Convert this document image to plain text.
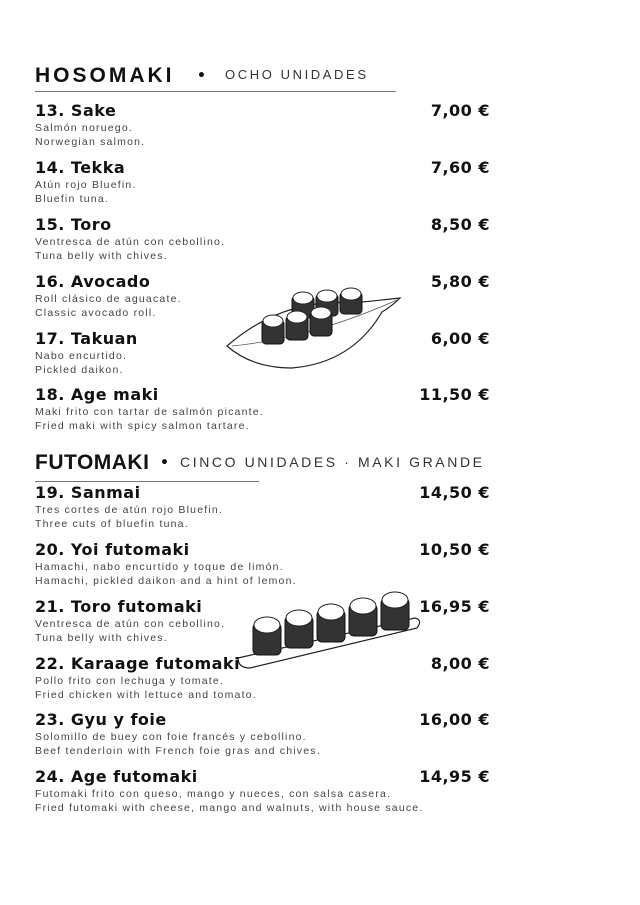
HOSOMAKI • OCHO UNIDADES
FUTOMAKI • CINCO UNIDADES · MAKI GRANDE
13. Sake
Salmón noruego.
Norwegian salmon.
7,00 €
14. Tekka
Atún rojo Bluefin.
Bluefin tuna.
7,60 €
15. Toro
Ventresca de atún con cebollino.
Tuna belly with chives.
8,50 €
16. Avocado
Roll clásico de aguacate.
Classic avocado roll.
5,80 €
17. Takuan
Nabo encurtido.
Pickled daikon.
6,00 €
18. Age maki
Maki frito con tartar de salmón picante.
Fried maki with spicy salmon tartare.
11,50 €
19. Sanmai
Tres cortes de atún rojo Bluefin.
Three cuts of bluefin tuna.
14,50 €
20. Yoi futomaki
Hamachi, nabo encurtido y toque de limón.
Hamachi, pickled daikon and a hint of lemon.
10,50 €
21. Toro futomaki
Ventresca de atún con cebollino.
Tuna belly with chives.
16,95 €
22. Karaage futomaki
Pollo frito con lechuga y tomate.
Fried chicken with lettuce and tomato.
8,00 €
23. Gyu y foie
Solomillo de buey con foie francés y cebollino.
Beef tenderloin with French foie gras and chives.
16,00 €
24. Age futomaki
Futomaki frito con queso, mango y nueces, con salsa casera.
Fried futomaki with cheese, mango and walnuts, with house sauce.
14,95 €
